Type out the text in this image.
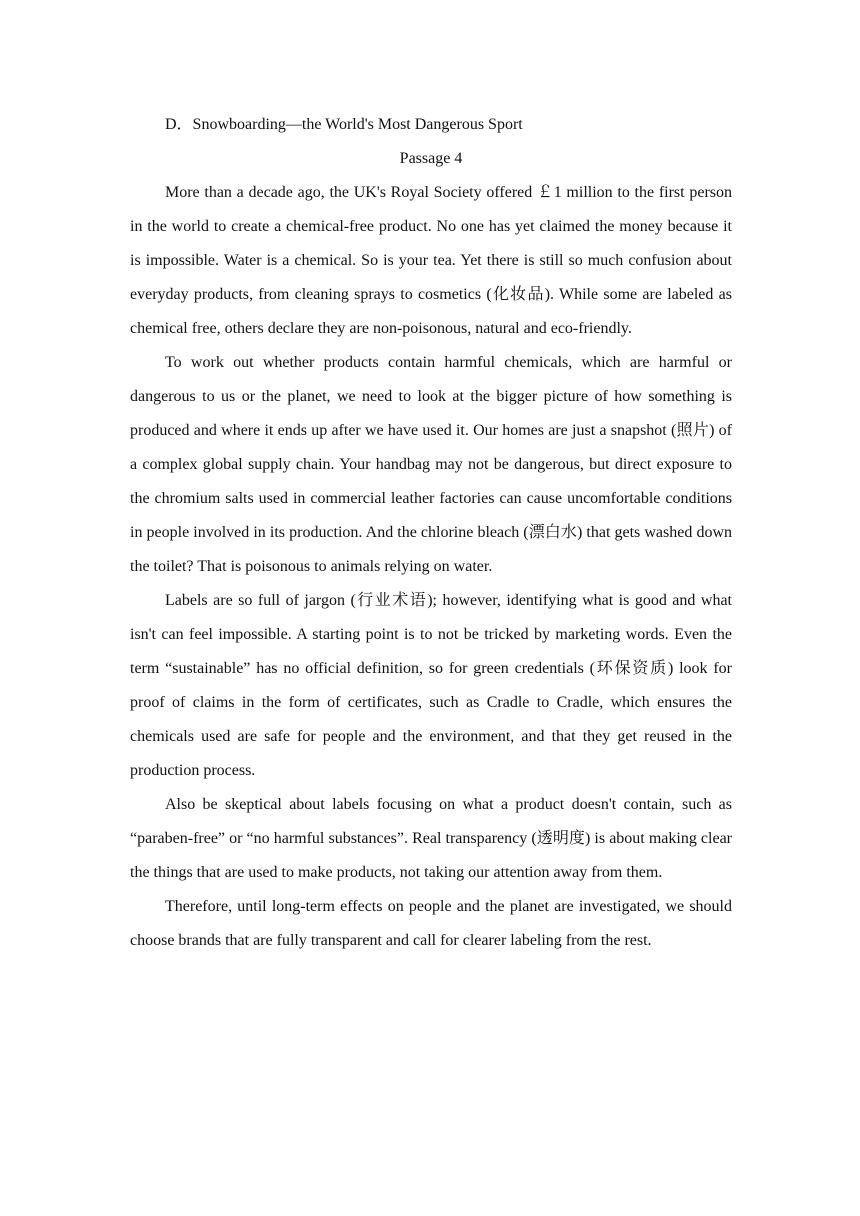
D．Snowboarding—the World's Most Dangerous Sport

Passage 4

More than a decade ago, the UK's Royal Society offered ￡1 million to the first person in the world to create a chemical-free product. No one has yet claimed the money because it is impossible. Water is a chemical. So is your tea. Yet there is still so much confusion about everyday products, from cleaning sprays to cosmetics (化妆品). While some are labeled as chemical free, others declare they are non-poisonous, natural and eco-friendly.

To work out whether products contain harmful chemicals, which are harmful or dangerous to us or the planet, we need to look at the bigger picture of how something is produced and where it ends up after we have used it. Our homes are just a snapshot (照片) of a complex global supply chain. Your handbag may not be dangerous, but direct exposure to the chromium salts used in commercial leather factories can cause uncomfortable conditions in people involved in its production. And the chlorine bleach (漂白水) that gets washed down the toilet? That is poisonous to animals relying on water.

Labels are so full of jargon (行业术语); however, identifying what is good and what isn't can feel impossible. A starting point is to not be tricked by marketing words. Even the term “sustainable” has no official definition, so for green credentials (环保资质) look for proof of claims in the form of certificates, such as Cradle to Cradle, which ensures the chemicals used are safe for people and the environment, and that they get reused in the production process.

Also be skeptical about labels focusing on what a product doesn't contain, such as “paraben-free” or “no harmful substances”. Real transparency (透明度) is about making clear the things that are used to make products, not taking our attention away from them.

Therefore, until long-term effects on people and the planet are investigated, we should choose brands that are fully transparent and call for clearer labeling from the rest.
